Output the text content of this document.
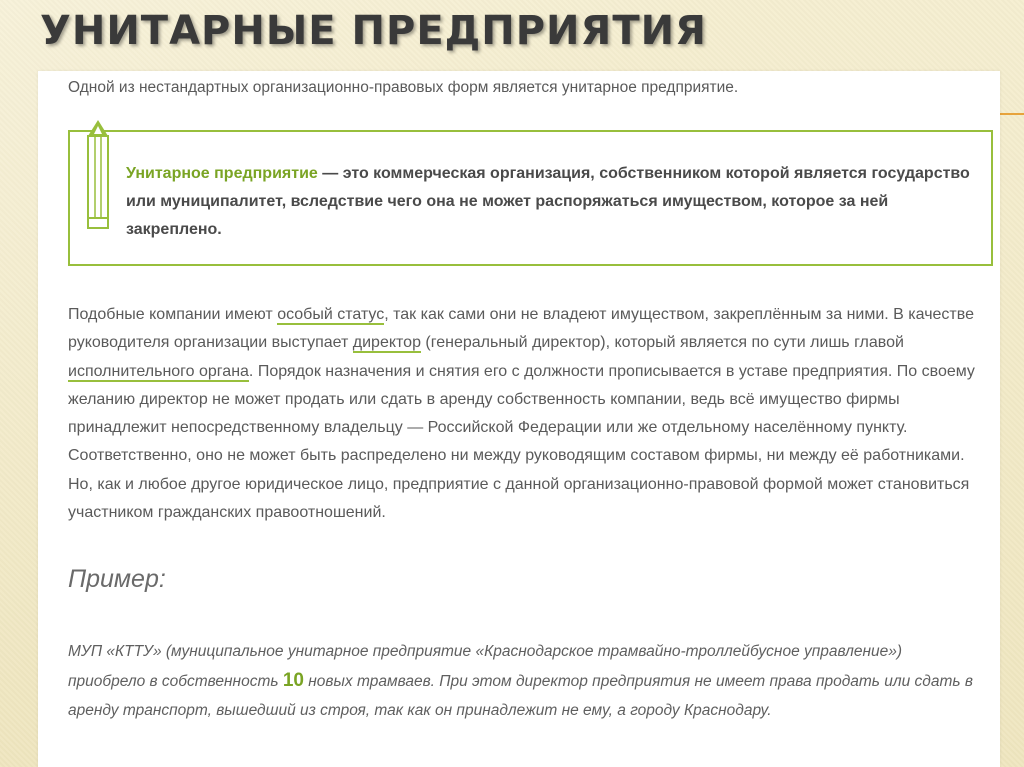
УНИТАРНЫЕ ПРЕДПРИЯТИЯ

Одной из нестандартных организационно-правовых форм является унитарное предприятие.

Унитарное предприятие — это коммерческая организация, собственником которой является государство или муниципалитет, вследствие чего она не может распоряжаться имуществом, которое за ней закреплено.

Подобные компании имеют особый статус, так как сами они не владеют имуществом, закреплённым за ними. В качестве руководителя организации выступает директор (генеральный директор), который является по сути лишь главой исполнительного органа. Порядок назначения и снятия его с должности прописывается в уставе предприятия. По своему желанию директор не может продать или сдать в аренду собственность компании, ведь всё имущество фирмы принадлежит непосредственному владельцу — Российской Федерации или же отдельному населённому пункту. Соответственно, оно не может быть распределено ни между руководящим составом фирмы, ни между её работниками. Но, как и любое другое юридическое лицо, предприятие с данной организационно-правовой формой может становиться участником гражданских правоотношений.

Пример:

МУП «КТТУ» (муниципальное унитарное предприятие «Краснодарское трамвайно-троллейбусное управление») приобрело в собственность 10 новых трамваев. При этом директор предприятия не имеет права продать или сдать в аренду транспорт, вышедший из строя, так как он принадлежит не ему, а городу Краснодару.
